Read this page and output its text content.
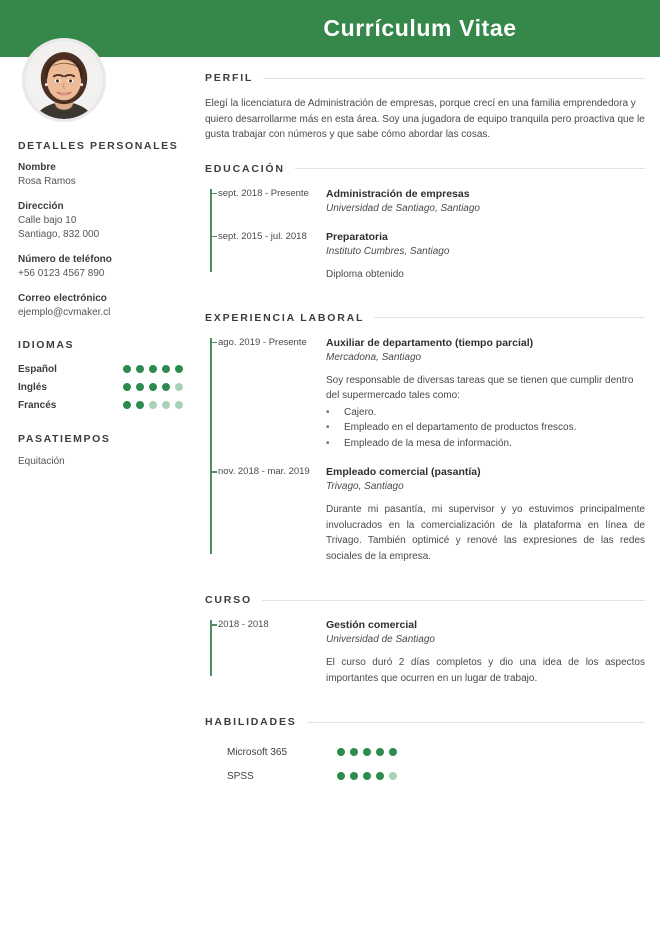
Currículum Vitae
DETALLES PERSONALES
Nombre
Rosa Ramos
Dirección
Calle bajo 10
Santiago, 832 000
Número de teléfono
+56 0123 4567 890
Correo electrónico
ejemplo@cvmaker.cl
IDIOMAS
Español
Inglés
Francés
PASATIEMPOS
Equitación
PERFIL
Elegí la licenciatura de Administración de empresas, porque crecí en una familia emprendedora y quiero desarrollarme más en esta área. Soy una jugadora de equipo tranquila pero proactiva que le gusta trabajar con números y que sabe cómo abordar las cosas.
EDUCACIÓN
sept. 2018 - Presente	Administración de empresas
Universidad de Santiago, Santiago
sept. 2015 - jul. 2018	Preparatoria
Instituto Cumbres, Santiago
Diploma obtenido
EXPERIENCIA LABORAL
ago. 2019 - Presente	Auxiliar de departamento (tiempo parcial)
Mercadona, Santiago
Soy responsable de diversas tareas que se tienen que cumplir dentro del supermercado tales como:
•	Cajero.
•	Empleado en el departamento de productos frescos.
•	Empleado de la mesa de información.
nov. 2018 - mar. 2019	Empleado comercial (pasantía)
Trivago, Santiago
Durante mi pasantía, mi supervisor y yo estuvimos principalmente involucrados en la comercialización de la plataforma en línea de Trivago. También optimicé y renové las expresiones de las redes sociales de la empresa.
CURSO
2018 - 2018	Gestión comercial
Universidad de Santiago
El curso duró 2 días completos y dio una idea de los aspectos importantes que ocurren en un lugar de trabajo.
HABILIDADES
Microsoft 365
SPSS
